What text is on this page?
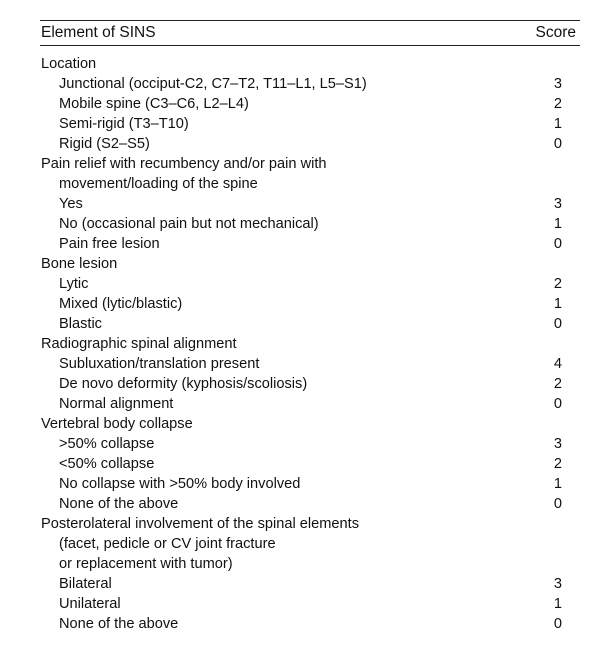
Element of SINS	Score
Location
Junctional (occiput-C2, C7–T2, T11–L1, L5–S1)	3
Mobile spine (C3–C6, L2–L4)	2
Semi-rigid (T3–T10)	1
Rigid (S2–S5)	0
Pain relief with recumbency and/or pain with
movement/loading of the spine
Yes	3
No (occasional pain but not mechanical)	1
Pain free lesion	0
Bone lesion
Lytic	2
Mixed (lytic/blastic)	1
Blastic	0
Radiographic spinal alignment
Subluxation/translation present	4
De novo deformity (kyphosis/scoliosis)	2
Normal alignment	0
Vertebral body collapse
>50% collapse	3
<50% collapse	2
No collapse with >50% body involved	1
None of the above	0
Posterolateral involvement of the spinal elements
(facet, pedicle or CV joint fracture
or replacement with tumor)
Bilateral	3
Unilateral	1
None of the above	0
